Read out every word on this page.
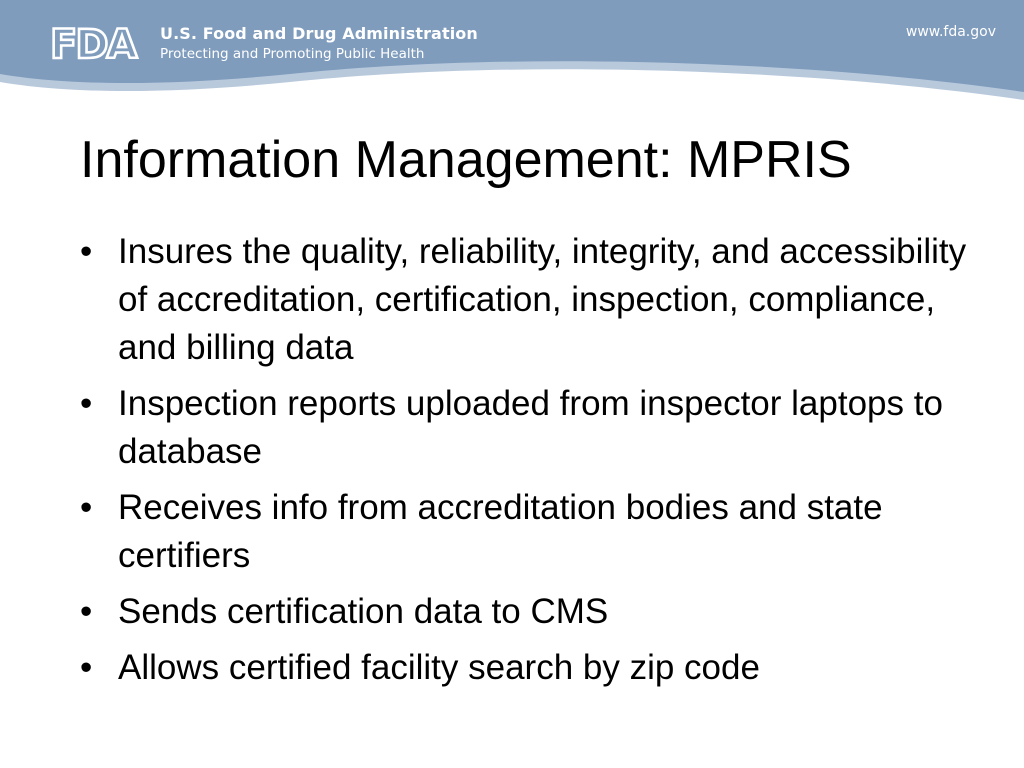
FDA U.S. Food and Drug Administration
Protecting and Promoting Public Health
www.fda.gov
Information Management: MPRIS
• Insures the quality, reliability, integrity, and accessibility of accreditation, certification, inspection, compliance, and billing data
• Inspection reports uploaded from inspector laptops to database
• Receives info from accreditation bodies and state certifiers
• Sends certification data to CMS
• Allows certified facility search by zip code
